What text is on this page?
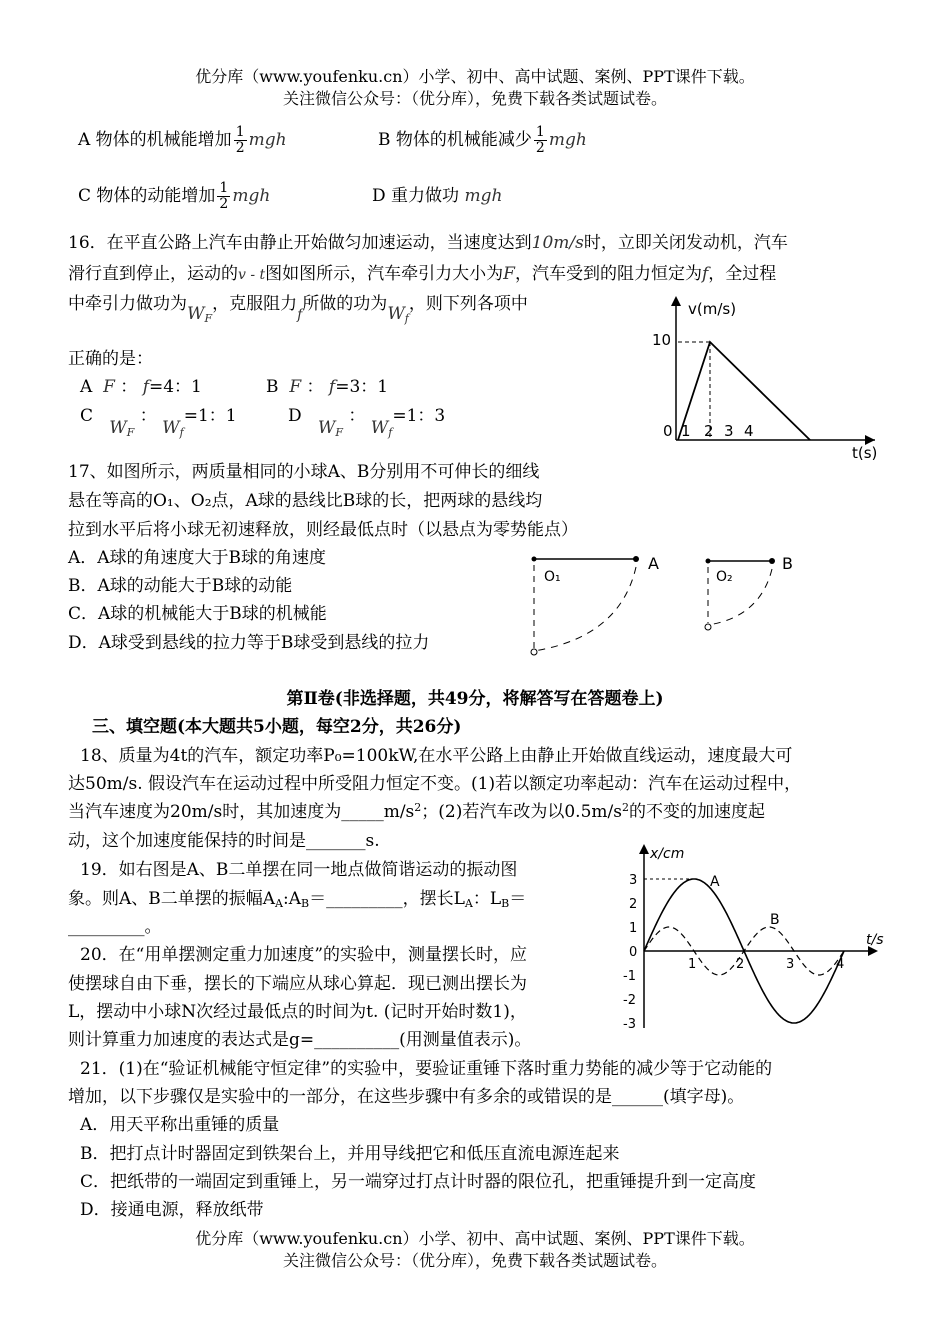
优分库（www.youfenku.cn）小学、初中、高中试题、案例、PPT课件下载。
关注微信公众号：（优分库），免费下载各类试题试卷。
A 物体的机械能增加 $\frac{1}{2}$ mgh	B 物体的机械能减少 $\frac{1}{2}$ mgh
C 物体的动能增加 $\frac{1}{2}$ mgh	D 重力做功 mgh
16．在平直公路上汽车由静止开始做匀加速运动，当速度达到10m/s时，立即关闭发动机，汽车
滑行直到停止，运动的v - t图如图所示，汽车牵引力大小为F，汽车受到的阻力恒定为f，全过程
中牵引力做功为$W_F$，克服阻力$_f$所做的功为$W_f$，则下列各项中
正确的是：
A F ： f=4：1	B F ： f=3：1
C   $W_F$ ： $W_f=1$：1	D   $W_F$ ： $W_f=1$：3
v(m/s)
t(s)
10
0 1 2 3 4
17、如图所示，两质量相同的小球A、B分别用不可伸长的细线
悬在等高的O₁、O₂点，A球的悬线比B球的长，把两球的悬线均
拉到水平后将小球无初速释放，则经最低点时（以悬点为零势能点）
A．A球的角速度大于B球的角速度
B．A球的动能大于B球的动能
C．A球的机械能大于B球的机械能
D．A球受到悬线的拉力等于B球受到悬线的拉力
A
O₁
B
O₂
第Ⅱ卷(非选择题，共49分，将解答写在答题卷上)
三、填空题(本大题共5小题，每空2分，共26分)
18、质量为4t的汽车，额定功率P₀=100kW,在水平公路上由静止开始做直线运动，速度最大可
达50m/s. 假设汽车在运动过程中所受阻力恒定不变。(1)若以额定功率起动：汽车在运动过程中，
当汽车速度为20m/s时，其加速度为$\_\_\_\_\_m/s^2$；(2)若汽车改为以$0.5m/s^2$的不变的加速度起
动，这个加速度能保持的时间是_______s.
19．如右图是A、B二单摆在同一地点做简谐运动的振动图
象。则A、B二单摆的振幅$A_A:A_B=\_\_\_\_\_\_\_\_\_$，摆长$L_A$：$L_B=$
_________。
x/cm
t/s
3
2
1
0
-1
-2
-3
1	2	3	4
A
B
20．在“用单摆测定重力加速度”的实验中，测量摆长时，应
使摆球自由下垂，摆长的下端应从球心算起．现已测出摆长为
L，摆动中小球N次经过最低点的时间为t. (记时开始时数1)，
则计算重力加速度的表达式是g=__________(用测量值表示)。
21．(1)在“验证机械能守恒定律”的实验中，要验证重锤下落时重力势能的减少等于它动能的
增加，以下步骤仅是实验中的一部分，在这些步骤中有多余的或错误的是______(填字母)。
A．用天平称出重锤的质量
B．把打点计时器固定到铁架台上，并用导线把它和低压直流电源连起来
C．把纸带的一端固定到重锤上，另一端穿过打点计时器的限位孔，把重锤提升到一定高度
D．接通电源，释放纸带
优分库（www.youfenku.cn）小学、初中、高中试题、案例、PPT课件下载。
关注微信公众号：（优分库），免费下载各类试题试卷。
